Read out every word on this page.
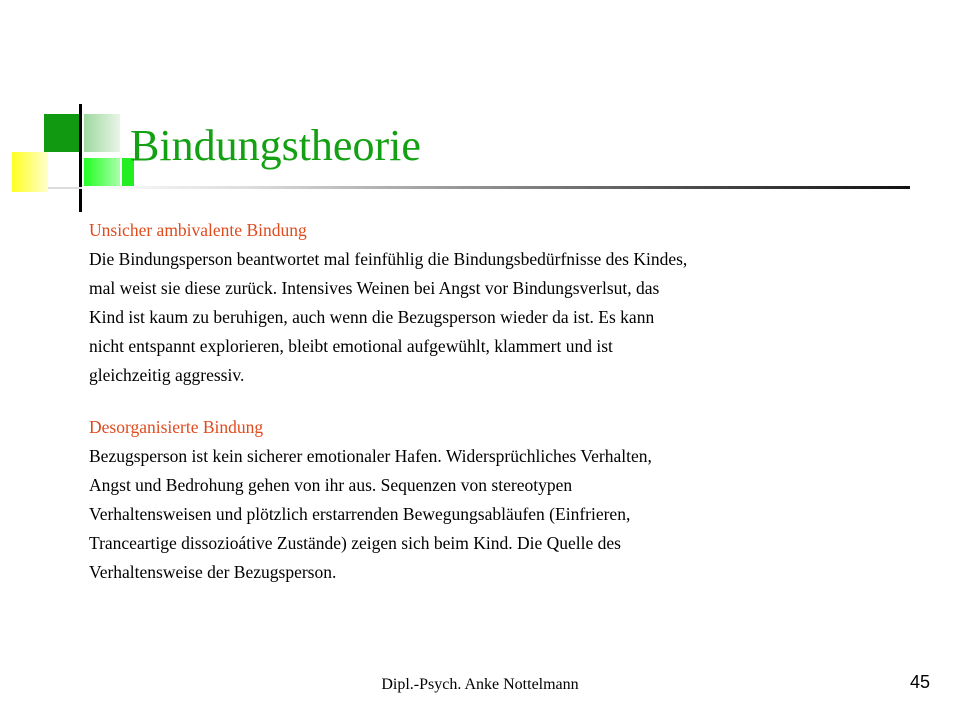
Bindungstheorie

Unsicher ambivalente Bindung

Die Bindungsperson beantwortet mal feinfühlig die Bindungsbedürfnisse des Kindes,

mal weist sie diese zurück. Intensives Weinen bei Angst vor Bindungsverlsut, das

Kind ist kaum zu beruhigen, auch wenn die Bezugsperson wieder da ist. Es kann

nicht entspannt explorieren, bleibt emotional aufgewühlt, klammert und ist

gleichzeitig aggressiv.

Desorganisierte Bindung

Bezugsperson ist kein sicherer emotionaler Hafen. Widersprüchliches Verhalten,

Angst und Bedrohung gehen von ihr aus. Sequenzen von stereotypen

Verhaltensweisen und plötzlich erstarrenden Bewegungsabläufen (Einfrieren,

Tranceartige dissozioátive Zustände) zeigen sich beim Kind. Die Quelle des

Verhaltensweise der Bezugsperson.

Dipl.-Psych. Anke Nottelmann	45
